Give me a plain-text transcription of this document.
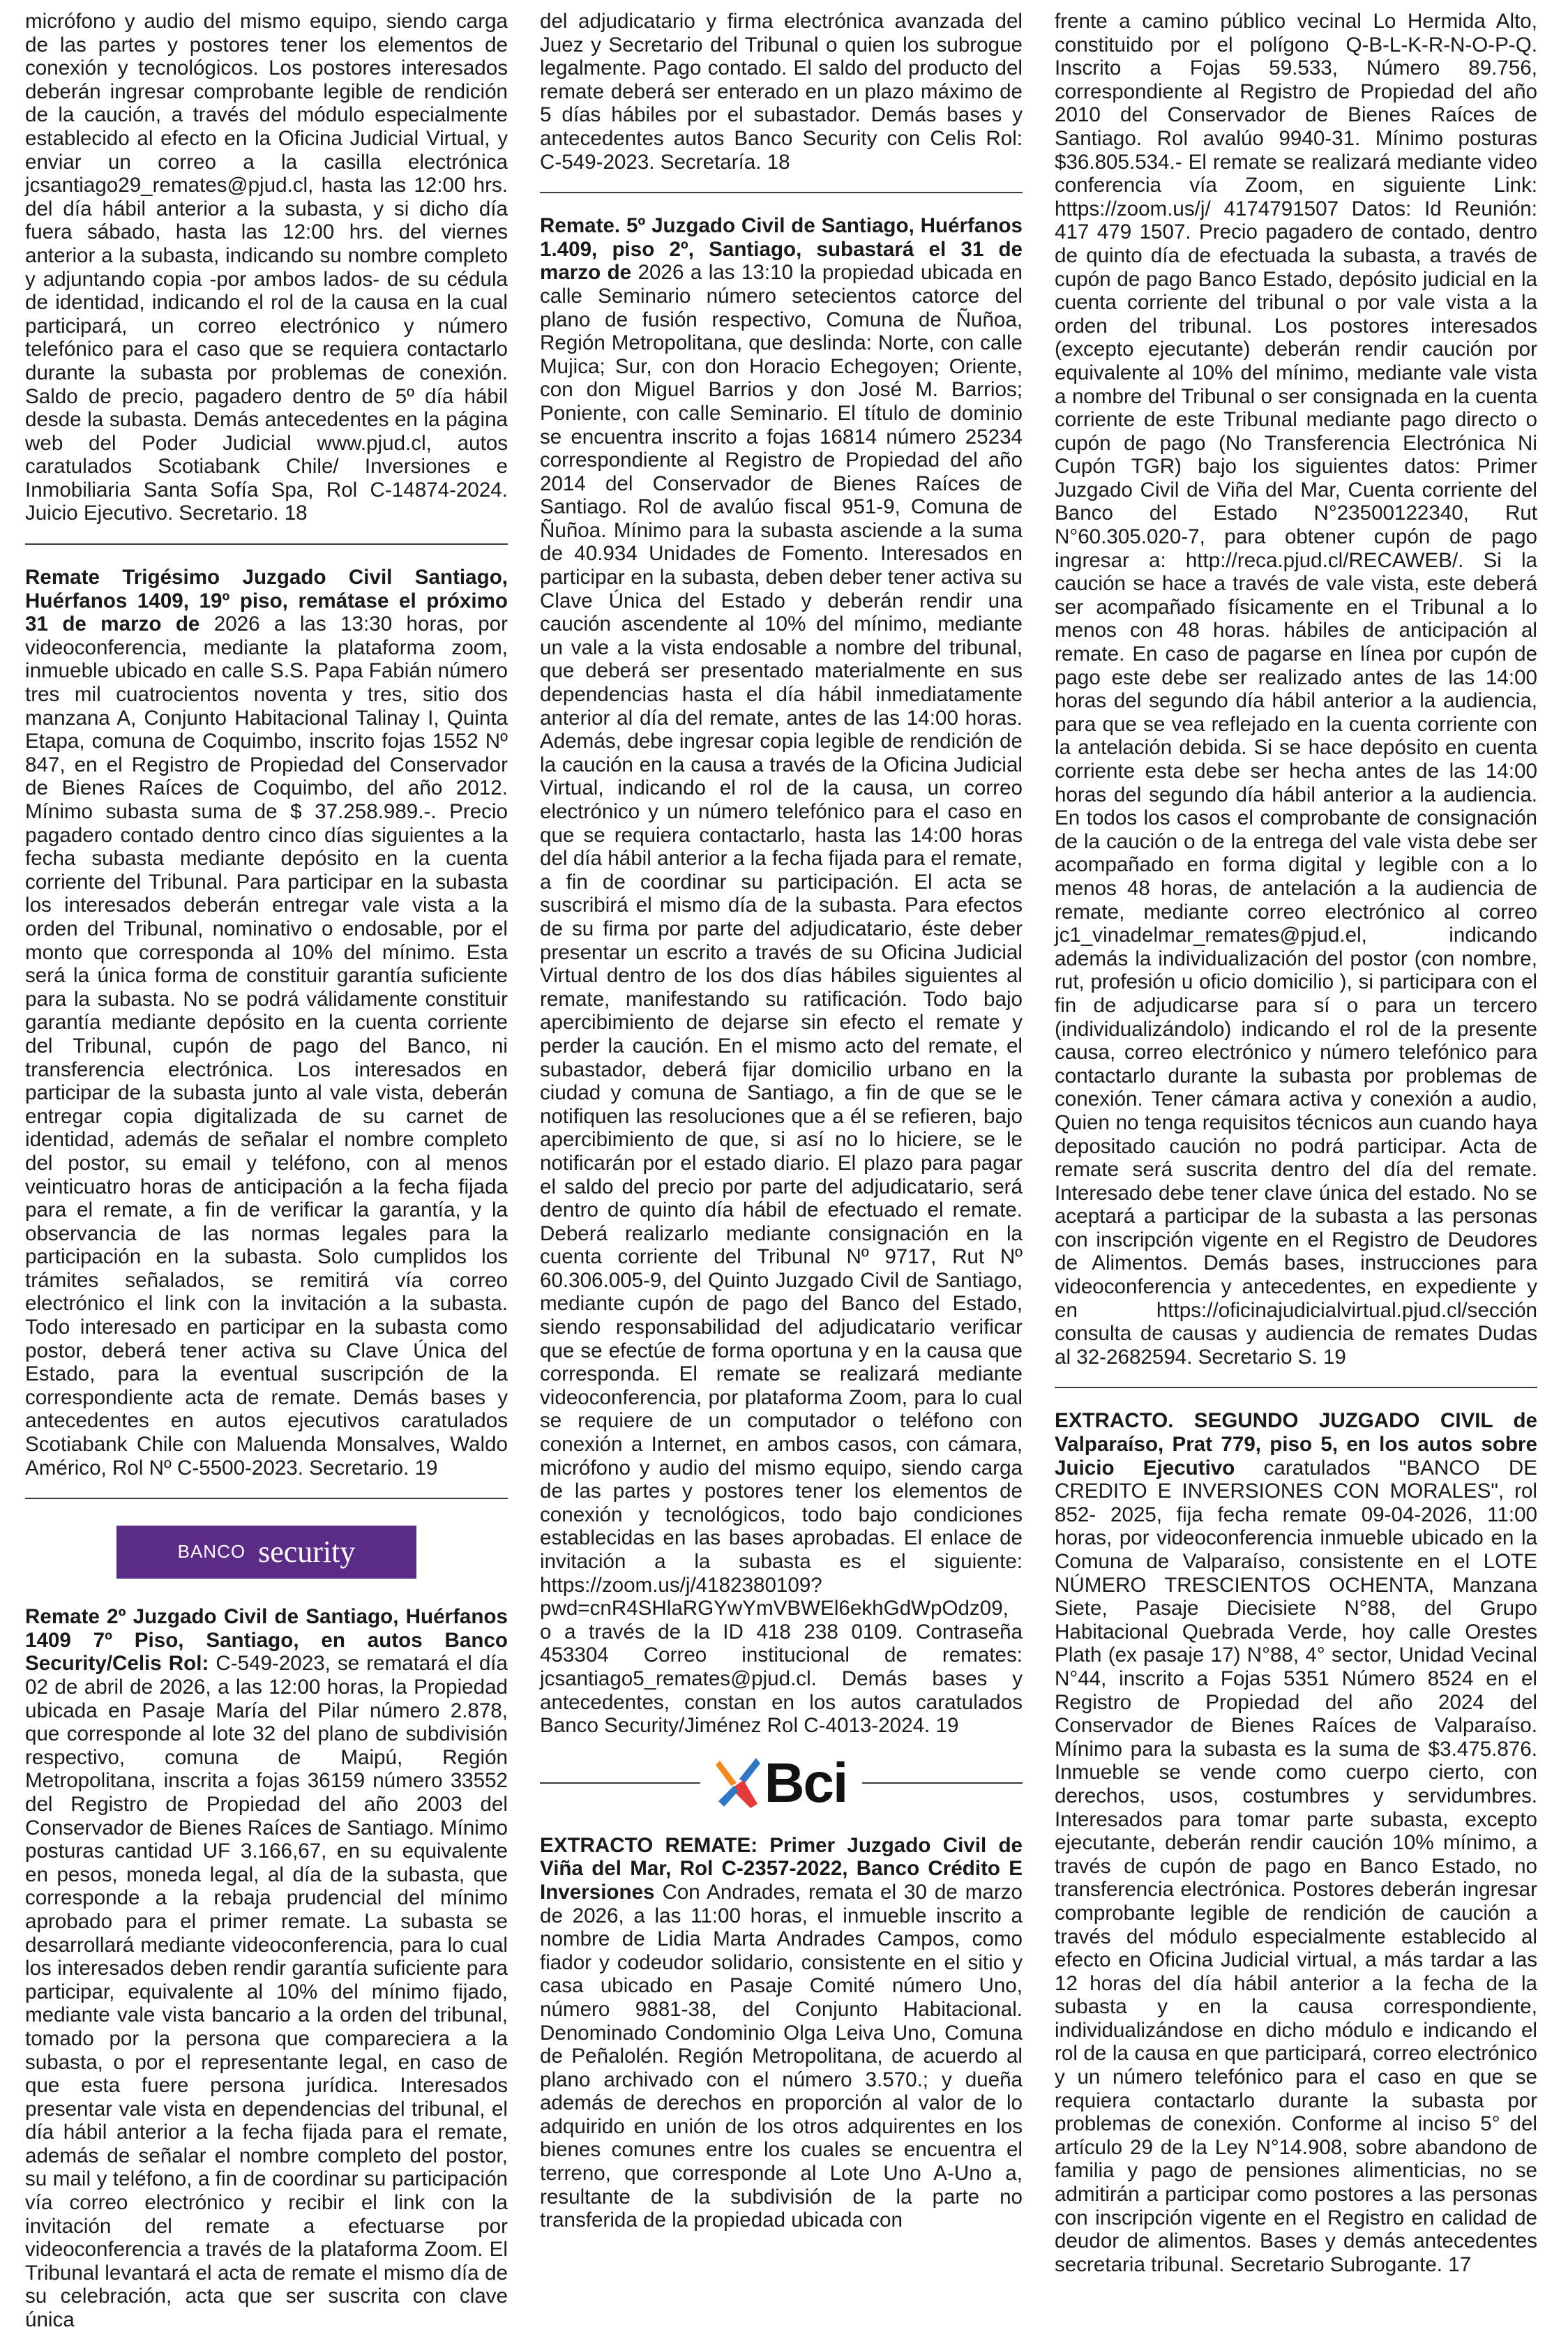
micrófono y audio del mismo equipo, siendo carga de las partes y postores tener los elementos de conexión y tecnológicos. Los postores interesados deberán ingresar comprobante legible de rendición de la caución, a través del módulo especialmente establecido al efecto en la Oficina Judicial Virtual, y enviar un correo a la casilla electrónica jcsantiago29_remates@pjud.cl, hasta las 12:00 hrs. del día hábil anterior a la subasta, y si dicho día fuera sábado, hasta las 12:00 hrs. del viernes anterior a la subasta, indicando su nombre completo y adjuntando copia -por ambos lados- de su cédula de identidad, indicando el rol de la causa en la cual participará, un correo electrónico y número telefónico para el caso que se requiera contactarlo durante la subasta por problemas de conexión. Saldo de precio, pagadero dentro de 5º día hábil desde la subasta. Demás antecedentes en la página web del Poder Judicial www.pjud.cl, autos caratulados Scotiabank Chile/ Inversiones e Inmobiliaria Santa Sofía Spa, Rol C-14874-2024. Juicio Ejecutivo. Secretario. 18

Remate Trigésimo Juzgado Civil Santiago, Huérfanos 1409, 19º piso, remátase el próximo 31 de marzo de 2026 a las 13:30 horas, por videoconferencia, mediante la plataforma zoom, inmueble ubicado en calle S.S. Papa Fabián número tres mil cuatrocientos noventa y tres, sitio dos manzana A, Conjunto Habitacional Talinay I, Quinta Etapa, comuna de Coquimbo, inscrito fojas 1552 Nº 847, en el Registro de Propiedad del Conservador de Bienes Raíces de Coquimbo, del año 2012. Mínimo subasta suma de $ 37.258.989.-. Precio pagadero contado dentro cinco días siguientes a la fecha subasta mediante depósito en la cuenta corriente del Tribunal. Para participar en la subasta los interesados deberán entregar vale vista a la orden del Tribunal, nominativo o endosable, por el monto que corresponda al 10% del mínimo. Esta será la única forma de constituir garantía suficiente para la subasta. No se podrá válidamente constituir garantía mediante depósito en la cuenta corriente del Tribunal, cupón de pago del Banco, ni transferencia electrónica. Los interesados en participar de la subasta junto al vale vista, deberán entregar copia digitalizada de su carnet de identidad, además de señalar el nombre completo del postor, su email y teléfono, con al menos veinticuatro horas de anticipación a la fecha fijada para el remate, a fin de verificar la garantía, y la observancia de las normas legales para la participación en la subasta. Solo cumplidos los trámites señalados, se remitirá vía correo electrónico el link con la invitación a la subasta. Todo interesado en participar en la subasta como postor, deberá tener activa su Clave Única del Estado, para la eventual suscripción de la correspondiente acta de remate. Demás bases y antecedentes en autos ejecutivos caratulados Scotiabank Chile con Maluenda Monsalves, Waldo Américo, Rol Nº C-5500-2023. Secretario. 19

BANCO security

Remate 2º Juzgado Civil de Santiago, Huérfanos 1409 7º Piso, Santiago, en autos Banco Security/Celis Rol: C-549-2023, se rematará el día 02 de abril de 2026, a las 12:00 horas, la Propiedad ubicada en Pasaje María del Pilar número 2.878, que corresponde al lote 32 del plano de subdivisión respectivo, comuna de Maipú, Región Metropolitana, inscrita a fojas 36159 número 33552 del Registro de Propiedad del año 2003 del Conservador de Bienes Raíces de Santiago. Mínimo posturas cantidad UF 3.166,67, en su equivalente en pesos, moneda legal, al día de la subasta, que corresponde a la rebaja prudencial del mínimo aprobado para el primer remate. La subasta se desarrollará mediante videoconferencia, para lo cual los interesados deben rendir garantía suficiente para participar, equivalente al 10% del mínimo fijado, mediante vale vista bancario a la orden del tribunal, tomado por la persona que compareciera a la subasta, o por el representante legal, en caso de que esta fuere persona jurídica. Interesados presentar vale vista en dependencias del tribunal, el día hábil anterior a la fecha fijada para el remate, además de señalar el nombre completo del postor, su mail y teléfono, a fin de coordinar su participación vía correo electrónico y recibir el link con la invitación del remate a efectuarse por videoconferencia a través de la plataforma Zoom. El Tribunal levantará el acta de remate el mismo día de su celebración, acta que ser suscrita con clave única

del adjudicatario y firma electrónica avanzada del Juez y Secretario del Tribunal o quien los subrogue legalmente. Pago contado. El saldo del producto del remate deberá ser enterado en un plazo máximo de 5 días hábiles por el subastador. Demás bases y antecedentes autos Banco Security con Celis Rol: C-549-2023. Secretaría. 18

Remate. 5º Juzgado Civil de Santiago, Huérfanos 1.409, piso 2º, Santiago, subastará el 31 de marzo de 2026 a las 13:10 la propiedad ubicada en calle Seminario número setecientos catorce del plano de fusión respectivo, Comuna de Ñuñoa, Región Metropolitana, que deslinda: Norte, con calle Mujica; Sur, con don Horacio Echegoyen; Oriente, con don Miguel Barrios y don José M. Barrios; Poniente, con calle Seminario. El título de dominio se encuentra inscrito a fojas 16814 número 25234 correspondiente al Registro de Propiedad del año 2014 del Conservador de Bienes Raíces de Santiago. Rol de avalúo fiscal 951-9, Comuna de Ñuñoa. Mínimo para la subasta asciende a la suma de 40.934 Unidades de Fomento. Interesados en participar en la subasta, deben deber tener activa su Clave Única del Estado y deberán rendir una caución ascendente al 10% del mínimo, mediante un vale a la vista endosable a nombre del tribunal, que deberá ser presentado materialmente en sus dependencias hasta el día hábil inmediatamente anterior al día del remate, antes de las 14:00 horas. Además, debe ingresar copia legible de rendición de la caución en la causa a través de la Oficina Judicial Virtual, indicando el rol de la causa, un correo electrónico y un número telefónico para el caso en que se requiera contactarlo, hasta las 14:00 horas del día hábil anterior a la fecha fijada para el remate, a fin de coordinar su participación. El acta se suscribirá el mismo día de la subasta. Para efectos de su firma por parte del adjudicatario, éste deber presentar un escrito a través de su Oficina Judicial Virtual dentro de los dos días hábiles siguientes al remate, manifestando su ratificación. Todo bajo apercibimiento de dejarse sin efecto el remate y perder la caución. En el mismo acto del remate, el subastador, deberá fijar domicilio urbano en la ciudad y comuna de Santiago, a fin de que se le notifiquen las resoluciones que a él se refieren, bajo apercibimiento de que, si así no lo hiciere, se le notificarán por el estado diario. El plazo para pagar el saldo del precio por parte del adjudicatario, será dentro de quinto día hábil de efectuado el remate. Deberá realizarlo mediante consignación en la cuenta corriente del Tribunal Nº 9717, Rut Nº 60.306.005-9, del Quinto Juzgado Civil de Santiago, mediante cupón de pago del Banco del Estado, siendo responsabilidad del adjudicatario verificar que se efectúe de forma oportuna y en la causa que corresponda. El remate se realizará mediante videoconferencia, por plataforma Zoom, para lo cual se requiere de un computador o teléfono con conexión a Internet, en ambos casos, con cámara, micrófono y audio del mismo equipo, siendo carga de las partes y postores tener los elementos de conexión y tecnológicos, todo bajo condiciones establecidas en las bases aprobadas. El enlace de invitación a la subasta es el siguiente: https://zoom.us/j/4182380109? pwd=cnR4SHlaRGYwYmVBWEl6ekhGdWpOdz09, o a través de la ID 418 238 0109. Contraseña 453304 Correo institucional de remates: jcsantiago5_remates@pjud.cl. Demás bases y antecedentes, constan en los autos caratulados Banco Security/Jiménez Rol C-4013-2024. 19

Bci

EXTRACTO REMATE: Primer Juzgado Civil de Viña del Mar, Rol C-2357-2022, Banco Crédito E Inversiones Con Andrades, remata el 30 de marzo de 2026, a las 11:00 horas, el inmueble inscrito a nombre de Lidia Marta Andrades Campos, como fiador y codeudor solidario, consistente en el sitio y casa ubicado en Pasaje Comité número Uno, número 9881-38, del Conjunto Habitacional. Denominado Condominio Olga Leiva Uno, Comuna de Peñalolén. Región Metropolitana, de acuerdo al plano archivado con el número 3.570.; y dueña además de derechos en proporción al valor de lo adquirido en unión de los otros adquirentes en los bienes comunes entre los cuales se encuentra el terreno, que corresponde al Lote Uno A-Uno a, resultante de la subdivisión de la parte no transferida de la propiedad ubicada con

frente a camino público vecinal Lo Hermida Alto, constituido por el polígono Q-B-L-K-R-N-O-P-Q. Inscrito a Fojas 59.533, Número 89.756, correspondiente al Registro de Propiedad del año 2010 del Conservador de Bienes Raíces de Santiago. Rol avalúo 9940-31. Mínimo posturas $36.805.534.- El remate se realizará mediante video conferencia vía Zoom, en siguiente Link: https://zoom.us/j/ 4174791507 Datos: Id Reunión: 417 479 1507. Precio pagadero de contado, dentro de quinto día de efectuada la subasta, a través de cupón de pago Banco Estado, depósito judicial en la cuenta corriente del tribunal o por vale vista a la orden del tribunal. Los postores interesados (excepto ejecutante) deberán rendir caución por equivalente al 10% del mínimo, mediante vale vista a nombre del Tribunal o ser consignada en la cuenta corriente de este Tribunal mediante pago directo o cupón de pago (No Transferencia Electrónica Ni Cupón TGR) bajo los siguientes datos: Primer Juzgado Civil de Viña del Mar, Cuenta corriente del Banco del Estado N°23500122340, Rut N°60.305.020-7, para obtener cupón de pago ingresar a: http://reca.pjud.cl/RECAWEB/. Si la caución se hace a través de vale vista, este deberá ser acompañado físicamente en el Tribunal a lo menos con 48 horas. hábiles de anticipación al remate. En caso de pagarse en línea por cupón de pago este debe ser realizado antes de las 14:00 horas del segundo día hábil anterior a la audiencia, para que se vea reflejado en la cuenta corriente con la antelación debida. Si se hace depósito en cuenta corriente esta debe ser hecha antes de las 14:00 horas del segundo día hábil anterior a la audiencia. En todos los casos el comprobante de consignación de la caución o de la entrega del vale vista debe ser acompañado en forma digital y legible con a lo menos 48 horas, de antelación a la audiencia de remate, mediante correo electrónico al correo jc1_vinadelmar_remates@pjud.el, indicando además la individualización del postor (con nombre, rut, profesión u oficio domicilio ), si participara con el fin de adjudicarse para sí o para un tercero (individualizándolo) indicando el rol de la presente causa, correo electrónico y número telefónico para contactarlo durante la subasta por problemas de conexión. Tener cámara activa y conexión a audio, Quien no tenga requisitos técnicos aun cuando haya depositado caución no podrá participar. Acta de remate será suscrita dentro del día del remate. Interesado debe tener clave única del estado. No se aceptará a participar de la subasta a las personas con inscripción vigente en el Registro de Deudores de Alimentos. Demás bases, instrucciones para videoconferencia y antecedentes, en expediente y en https://oficinajudicialvirtual.pjud.cl/sección consulta de causas y audiencia de remates Dudas al 32-2682594. Secretario S. 19

EXTRACTO. SEGUNDO JUZGADO CIVIL de Valparaíso, Prat 779, piso 5, en los autos sobre Juicio Ejecutivo caratulados "BANCO DE CREDITO E INVERSIONES CON MORALES", rol 852- 2025, fija fecha remate 09-04-2026, 11:00 horas, por videoconferencia inmueble ubicado en la Comuna de Valparaíso, consistente en el LOTE NÚMERO TRESCIENTOS OCHENTA, Manzana Siete, Pasaje Diecisiete N°88, del Grupo Habitacional Quebrada Verde, hoy calle Orestes Plath (ex pasaje 17) N°88, 4° sector, Unidad Vecinal N°44, inscrito a Fojas 5351 Número 8524 en el Registro de Propiedad del año 2024 del Conservador de Bienes Raíces de Valparaíso. Mínimo para la subasta es la suma de $3.475.876. Inmueble se vende como cuerpo cierto, con derechos, usos, costumbres y servidumbres. Interesados para tomar parte subasta, excepto ejecutante, deberán rendir caución 10% mínimo, a través de cupón de pago en Banco Estado, no transferencia electrónica. Postores deberán ingresar comprobante legible de rendición de caución a través del módulo especialmente establecido al efecto en Oficina Judicial virtual, a más tardar a las 12 horas del día hábil anterior a la fecha de la subasta y en la causa correspondiente, individualizándose en dicho módulo e indicando el rol de la causa en que participará, correo electrónico y un número telefónico para el caso en que se requiera contactarlo durante la subasta por problemas de conexión. Conforme al inciso 5° del artículo 29 de la Ley N°14.908, sobre abandono de familia y pago de pensiones alimenticias, no se admitirán a participar como postores a las personas con inscripción vigente en el Registro en calidad de deudor de alimentos. Bases y demás antecedentes secretaria tribunal. Secretario Subrogante. 17
